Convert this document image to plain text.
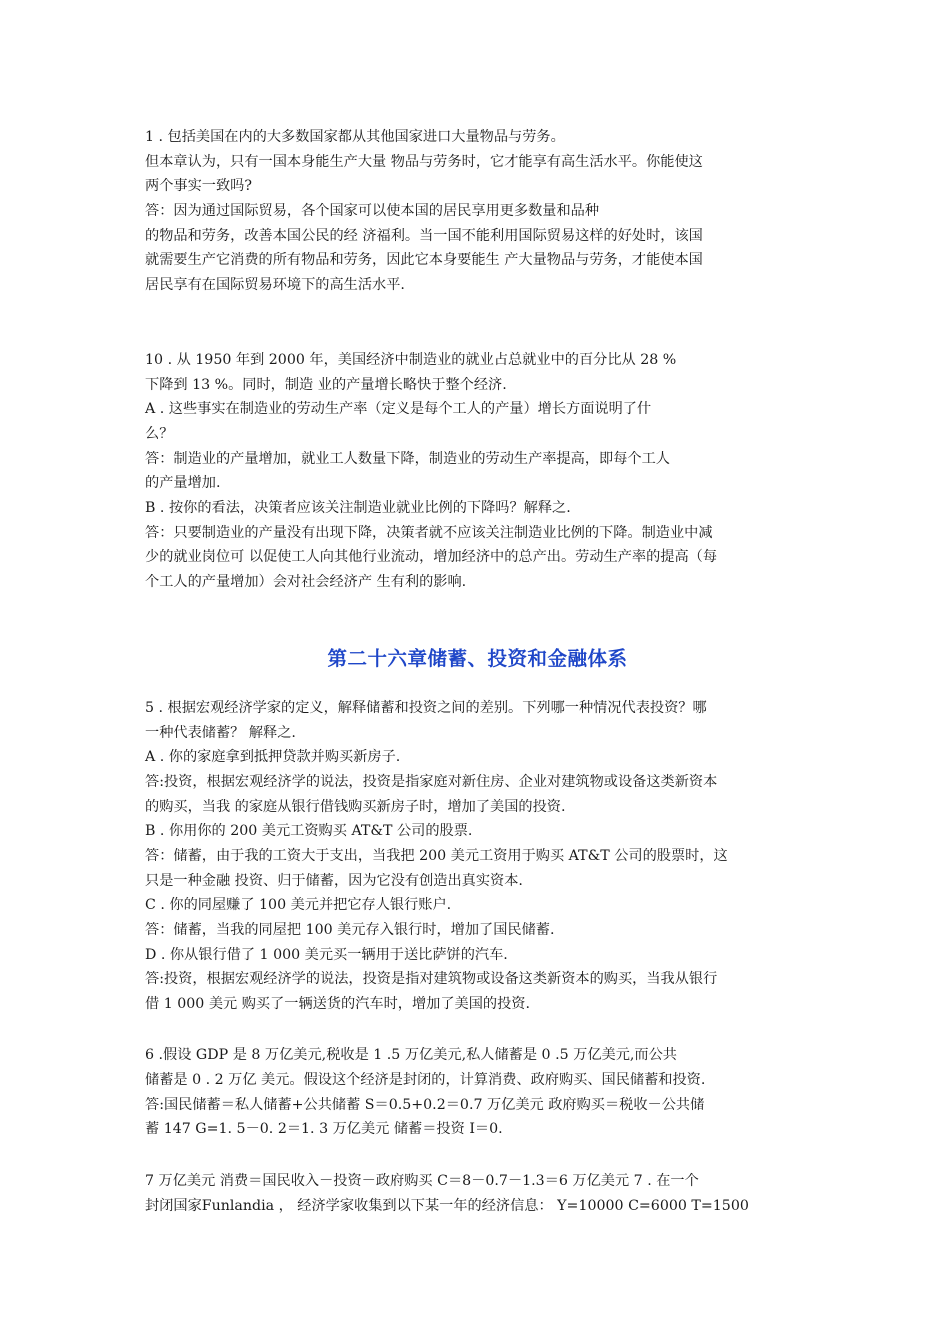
1 . 包括美国在内的大多数国家都从其他国家进口大量物品与劳务。
但本章认为，只有一国本身能生产大量 物品与劳务时，它才能享有高生活水平。你能使这
两个事实一致吗?
答：因为通过国际贸易，各个国家可以使本国的居民享用更多数量和品种
的物品和劳务，改善本国公民的经 济福利。当一国不能利用国际贸易这样的好处时，该国
就需要生产它消费的所有物品和劳务，因此它本身要能生 产大量物品与劳务，才能使本国
居民享有在国际贸易环境下的高生活水平.
10 . 从 1950 年到 2000 年，美国经济中制造业的就业占总就业中的百分比从 28 %
下降到 13 %。同时，制造 业的产量增长略快于整个经济.
A . 这些事实在制造业的劳动生产率（定义是每个工人的产量）增长方面说明了什
么？
答：制造业的产量增加，就业工人数量下降，制造业的劳动生产率提高，即每个工人
的产量增加.
B . 按你的看法，决策者应该关注制造业就业比例的下降吗？解释之.
答：只要制造业的产量没有出现下降，决策者就不应该关注制造业比例的下降。制造业中减
少的就业岗位可 以促使工人向其他行业流动，增加经济中的总产出。劳动生产率的提高（每
个工人的产量增加）会对社会经济产 生有利的影响.
第二十六章储蓄、投资和金融体系
5 . 根据宏观经济学家的定义，解释储蓄和投资之间的差别。下列哪一种情况代表投资？哪
一种代表储蓄？ 解释之.
A . 你的家庭拿到抵押贷款并购买新房子.
答:投资，根据宏观经济学的说法，投资是指家庭对新住房、企业对建筑物或设备这类新资本
的购买，当我 的家庭从银行借钱购买新房子时，增加了美国的投资.
B . 你用你的 200 美元工资购买 AT&T 公司的股票.
答：储蓄，由于我的工资大于支出，当我把 200 美元工资用于购买 AT&T 公司的股票时，这
只是一种金融 投资、归于储蓄，因为它没有创造出真实资本.
C . 你的同屋赚了 100 美元并把它存人银行账户.
答：储蓄，当我的同屋把 100 美元存入银行时，增加了国民储蓄.
D . 你从银行借了 1 000 美元买一辆用于送比萨饼的汽车.
答:投资，根据宏观经济学的说法，投资是指对建筑物或设备这类新资本的购买，当我从银行
借 1 000 美元 购买了一辆送货的汽车时，增加了美国的投资.
6 .假设 GDP 是 8 万亿美元,税收是 1 .5 万亿美元,私人储蓄是 0 .5 万亿美元,而公共
储蓄是 0 . 2 万亿 美元。假设这个经济是封闭的，计算消费、政府购买、国民储蓄和投资.
答:国民储蓄＝私人储蓄+公共储蓄 S＝0.5+0.2＝0.7 万亿美元 政府购买＝税收－公共储
蓄 147 G=1. 5－0. 2＝1. 3 万亿美元 储蓄＝投资 I＝0.
7 万亿美元 消费＝国民收入－投资－政府购买 C＝8－0.7－1.3＝6 万亿美元 7 . 在一个
封闭国家Funlandia ， 经济学家收集到以下某一年的经济信息： Y=10000 C=6000 T=1500
